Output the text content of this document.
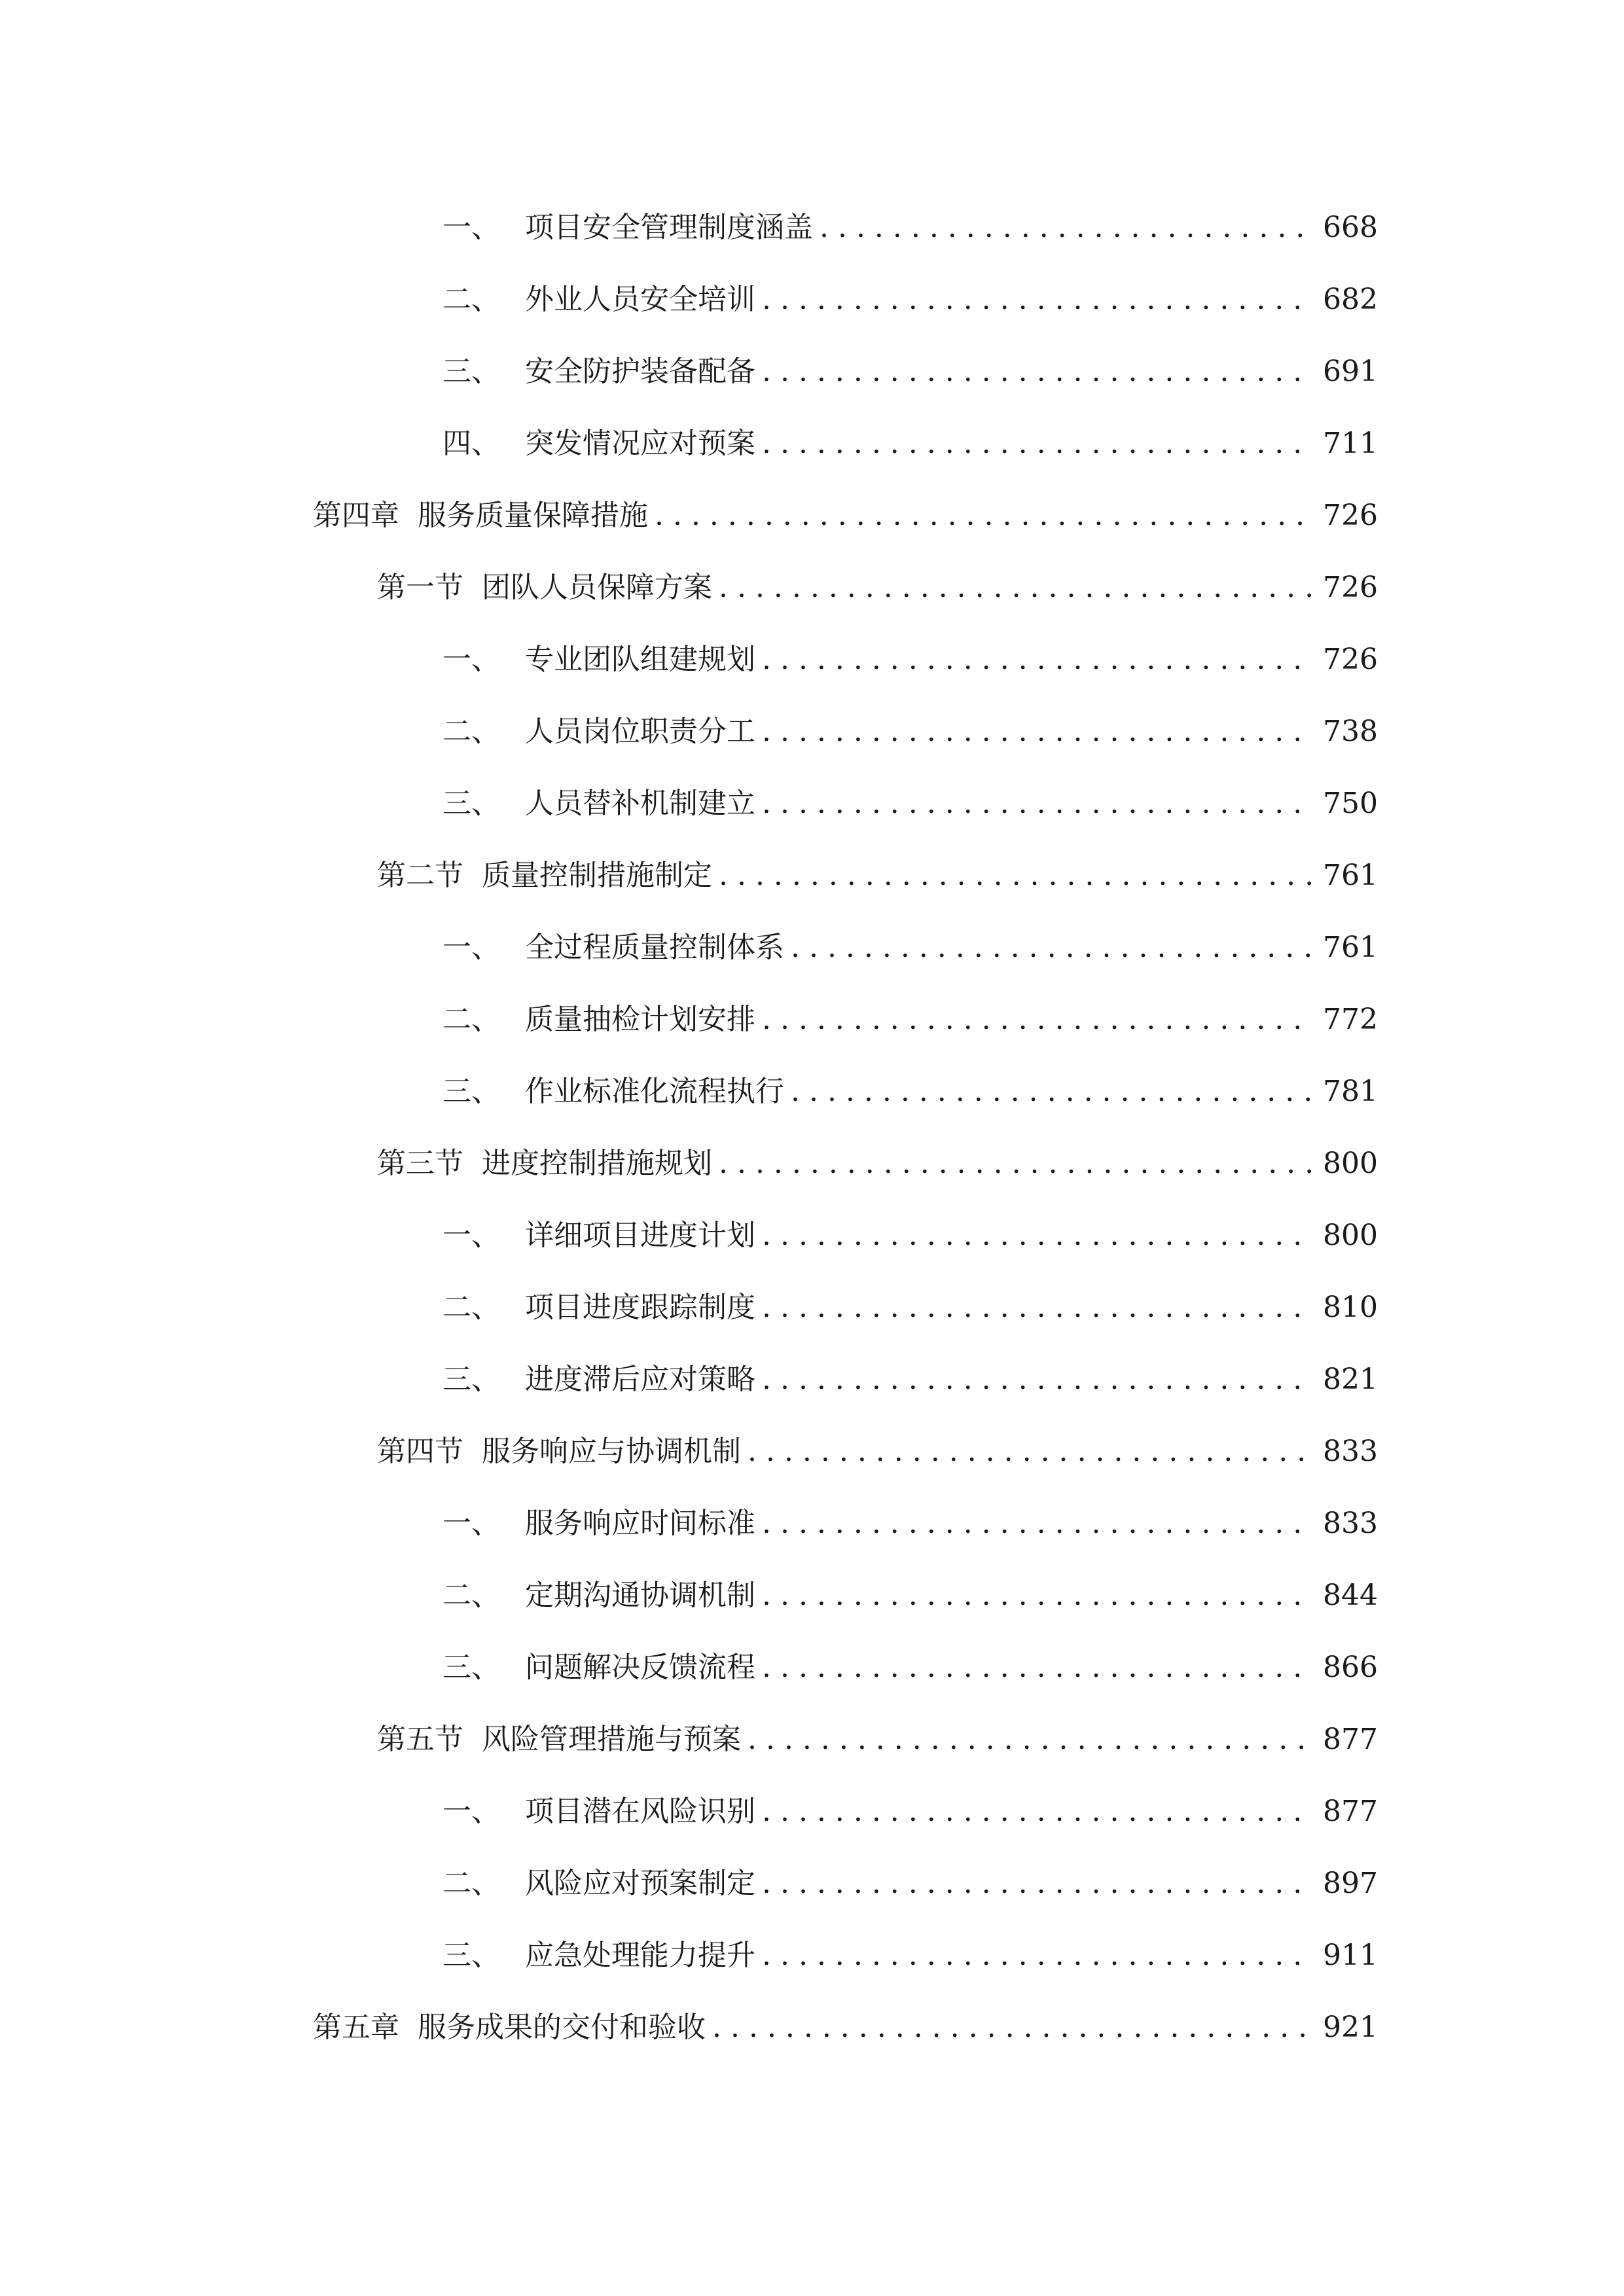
一、 项目安全管理制度涵盖 . . .	668
二、 外业人员安全培训 . . .	682
三、 安全防护装备配备 . . .	691
四、 突发情况应对预案 . . .	711
第四章 服务质量保障措施 . . .	726
第一节 团队人员保障方案 . . .	726
一、 专业团队组建规划 . . .	726
二、 人员岗位职责分工 . . .	738
三、 人员替补机制建立 . . .	750
第二节 质量控制措施制定 . . .	761
一、 全过程质量控制体系 . . .	761
二、 质量抽检计划安排 . . .	772
三、 作业标准化流程执行 . . .	781
第三节 进度控制措施规划 . . .	800
一、 详细项目进度计划 . . .	800
二、 项目进度跟踪制度 . . .	810
三、 进度滞后应对策略 . . .	821
第四节 服务响应与协调机制 . . .	833
一、 服务响应时间标准 . . .	833
二、 定期沟通协调机制 . . .	844
三、 问题解决反馈流程 . . .	866
第五节 风险管理措施与预案 . . .	877
一、 项目潜在风险识别 . . .	877
二、 风险应对预案制定 . . .	897
三、 应急处理能力提升 . . .	911
第五章 服务成果的交付和验收 . . .	921
